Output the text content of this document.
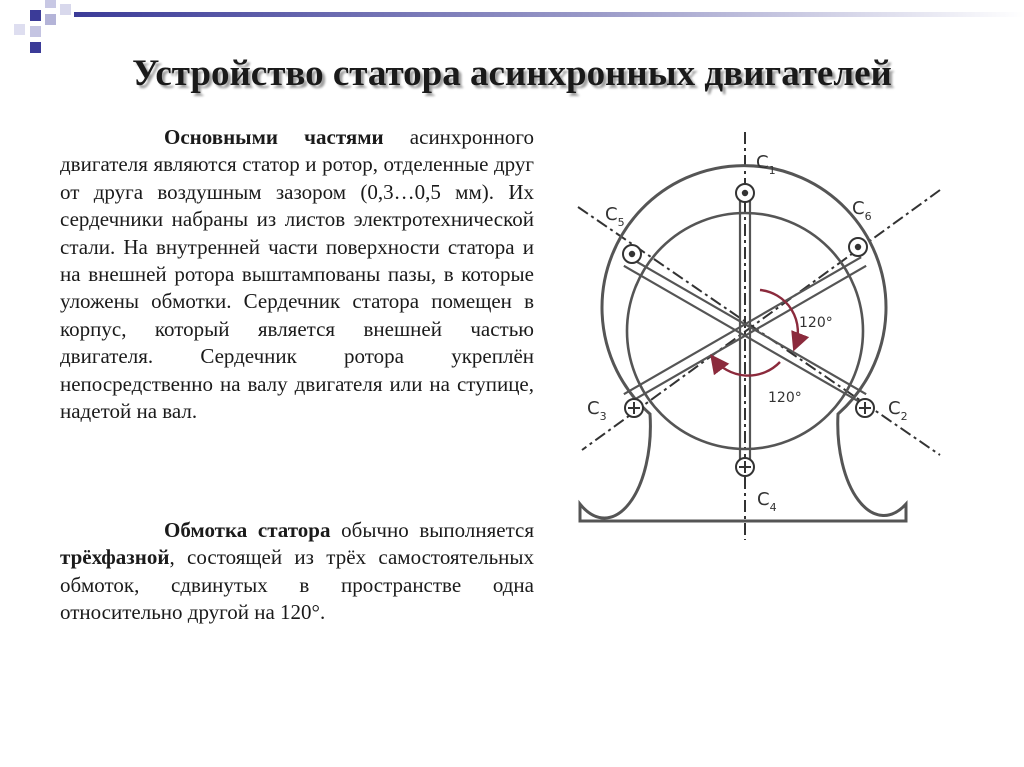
Устройство статора асинхронных двигателей

Основными частями асинхронного двигателя являются статор и ротор, отделенные друг от друга воздушным зазором (0,3…0,5 мм). Их сердечники набраны из листов электротехнической стали. На внутренней части поверхности статора и на внешней ротора выштампованы пазы, в которые уложены обмотки. Сердечник статора помещен в корпус, который является внешней частью двигателя. Сердечник ротора укреплён непосредственно на валу двигателя или на ступице, надетой на вал.

Обмотка статора обычно выполняется трёхфазной, состоящей из трёх самостоятельных обмоток, сдвинутых в пространстве одна относительно другой на 120°.

120°
120°
$C_1$
$C_6$
$C_5$
$C_3$	$C_2$
$C_4$
